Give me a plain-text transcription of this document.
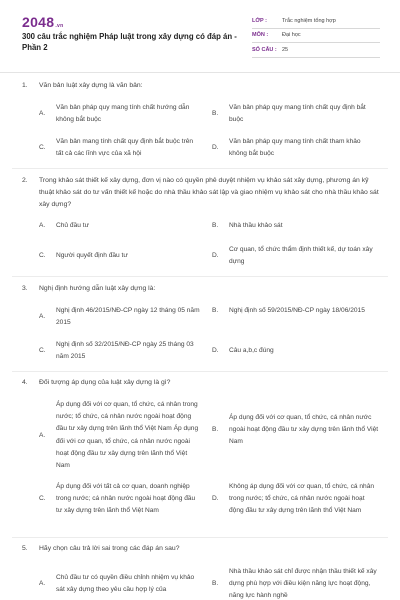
2048.vn
300 câu trắc nghiệm Pháp luật trong xây dựng có đáp án - Phần 2
LỚP :	Trắc nghiệm tổng hợp
MÔN :	Đại học
SỐ CÂU : 25
1.	Văn bản luật xây dựng là văn bản:
A.
Văn bản pháp quy mang tính chất hướng dẫn không bắt buộc
B.
Văn bản pháp quy mang tính chất quy định bắt buộc
C.
Văn bản mang tính chất quy định bắt buộc trên tất cả các lĩnh vực của xã hội
D.
Văn bản pháp quy mang tính chất tham khảo không bắt buộc
2.	Trong khảo sát thiết kế xây dựng, đơn vị nào có quyền phê duyệt nhiệm vụ khảo sát xây dựng, phương án kỹ thuật khảo sát do tư vấn thiết kế hoặc do nhà thầu khảo sát lập và giao nhiệm vụ khảo sát cho nhà thầu khảo sát xây dựng?
A.	Chủ đầu tư	B.	Nhà thầu khảo sát
C.	Người quyết định đầu tư	D.
Cơ quan, tổ chức thẩm định thiết kế, dự toán xây dựng
3.	Nghị định hướng dẫn luật xây dựng là:
A.
Nghị định 46/2015/NĐ-CP ngày 12 tháng 05 năm 2015
B.	Nghị định số 59/2015/NĐ-CP ngày 18/06/2015
C.
Nghị định số 32/2015/NĐ-CP ngày 25 tháng 03 năm 2015
D.	Câu a,b,c đúng
4.	Đối tượng áp dụng của luật xây dựng là gì?
A.
Áp dụng đối với cơ quan, tổ chức, cá nhân trong nước; tổ chức, cá nhân nước ngoài hoạt động đầu tư xây dựng trên lãnh thổ Việt Nam Áp dụng đối với cơ quan, tổ chức, cá nhân nước ngoài hoạt động đầu tư xây dựng trên lãnh thổ Việt Nam
B.
Áp dụng đối với cơ quan, tổ chức, cá nhân nước ngoài hoạt động đầu tư xây dựng trên lãnh thổ Việt Nam
C.
Áp dụng đối với tất cả cơ quan, doanh nghiệp trong nước; cá nhân nước ngoài hoạt động đầu tư xây dựng trên lãnh thổ Việt Nam
D.
Không áp dụng đối với cơ quan, tổ chức, cá nhân trong nước; tổ chức, cá nhân nước ngoài hoạt động đầu tư xây dựng trên lãnh thổ Việt Nam
5.	Hãy chọn câu trả lời sai trong các đáp án sau?
A.
Chủ đầu tư có quyền điều chỉnh nhiệm vụ khảo sát xây dựng theo yêu cầu hợp lý của
B.
Nhà thầu khảo sát chỉ được nhận thầu thiết kế xây dựng phù hợp với điều kiện năng lực hoạt động, năng lực hành nghề
